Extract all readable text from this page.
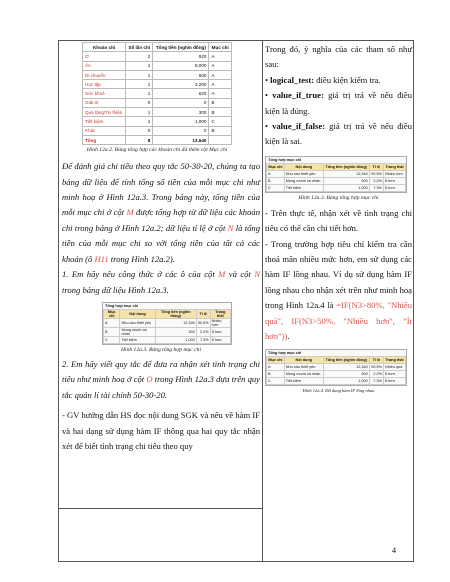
Khoản chi	Số lần chi	Tổng tiền (nghìn đồng)	Mục chi
Ở	2	920	A
Ăn	1	8,000	A
Di chuyển	1	600	A
Học tập	1	2,200	A
Sức khoẻ	1	620	A
Giải trí	0	0	B
Quà tặng/Từ thiện	1	300	B
Tiết kiệm	1	1,000	C
Khác	0	0	B
Tổng	8	13,640	
Hình 12a.2. Bảng tổng hợp các khoản chi đã thêm cột Mục chi
Để đánh giá chi tiêu theo quy tắc 50-30-20, chúng ta tạo bảng dữ liệu để tính tổng số tiền của mỗi mục chi như minh hoạ ở Hình 12a.3. Trong bảng này, tổng tiền của mỗi mục chi ở cột M được tổng hợp từ dữ liệu các khoản chi trong bảng ở Hình 12a.2; dữ liệu tỉ lệ ở cột N là tổng tiền của mỗi mục chi so với tổng tiền của tất cả các khoản (ô H11 trong Hình 12a.2).
1. Em hãy nêu công thức ở các ô của cột M và cột N trong bảng dữ liệu Hình 12a.3.
Tổng hợp mục chi
Mục chi	Nội dung	Tổng tiền (nghìn đồng)	Tỉ lệ	Trạng thái
A	Nhu cầu thiết yếu	12,340	90.5%	Nhiều hơn
B	Mong muốn cá nhân	300	2.2%	Ít hơn
C	Tiết kiệm	1,000	7.3%	Ít hơn
Hình 12a.3. Bảng tổng hợp mục chi
2. Em hãy viết quy tắc để đưa ra nhận xét tình trạng chi tiêu như minh hoạ ở cột O trong Hình 12a.3 dựa trên quy tắc quản lí tài chính 50-30-20.
- GV hướng dẫn HS đọc nội dung SGK và nêu về hàm IF và hai dạng sử dụng hàm IF thông qua hai quy tắc nhận xét để biết tình trạng chi tiêu theo quy
Trong đó, ý nghĩa của các tham số như sau:
• logical_test: điều kiện kiểm tra.
• value_if_true: giá trị trả về nếu điều kiện là đúng.
• value_if_false: giá trị trả về nếu điều kiện là sai.
Tổng hợp mục chi
Mục chi	Nội dung	Tổng tiền (nghìn đồng)	Tỉ lệ	Trạng thái
A	Nhu cầu thiết yếu	12,340	90.5%	Nhiều hơn
B	Mong muốn cá nhân	300	2.2%	Ít hơn
C	Tiết kiệm	1,000	7.3%	Ít hơn
Hình 12a.3. Bảng tổng hợp mục chi
- Trên thực tế, nhận xét về tình trạng chi tiêu có thể cần chi tiết hơn.
- Trong trường hợp tiêu chí kiểm tra cần thoả mãn nhiều mức hơn, em sử dụng các hàm IF lồng nhau. Ví dụ sử dụng hàm IF lồng nhau cho nhận xét trên như minh hoạ trong Hình 12a.4 là =IF(N3>80%, "Nhiều quá", IF(N3>50%, "Nhiều hơn", "Ít hơn")).
Tổng hợp mục chi
Mục chi	Nội dung	Tổng tiền (nghìn đồng)	Tỉ lệ	Trạng thái
A	Nhu cầu thiết yếu	12,340	90.5%	Nhiều quá
B	Mong muốn cá nhân	300	2.2%	Ít hơn
C	Tiết kiệm	1,000	7.3%	Ít hơn
Hình 12a.4. Dữ dụng hàm IF lồng nhau
4
